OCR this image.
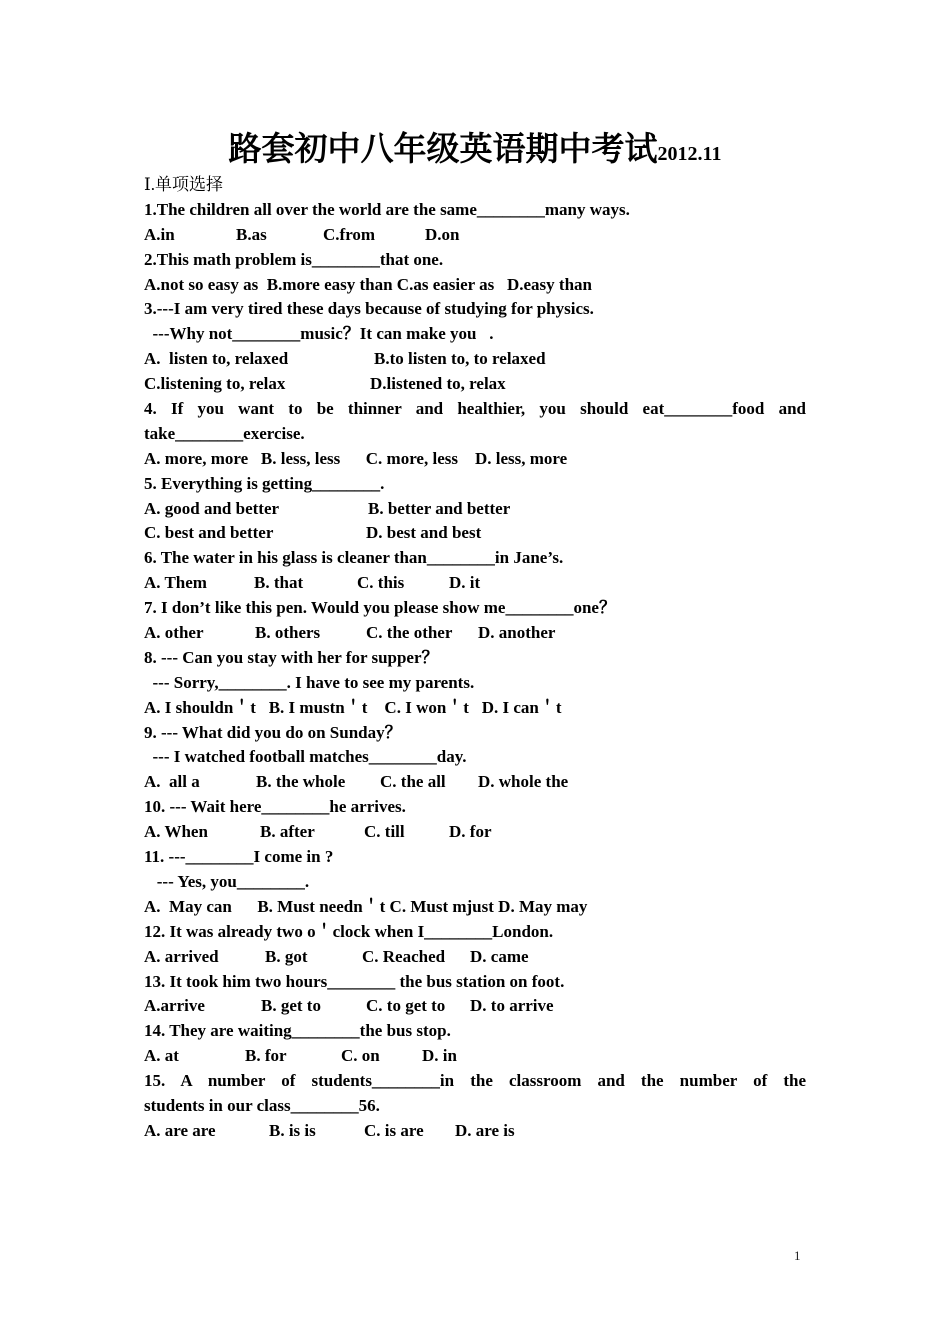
路套初中八年级英语期中考试2012.11
Ⅰ.单项选择
1.The children all over the world are the same________many ways.
A.in	B.as	C.from	D.on
2.This math problem is________that one.
A.not so easy as  B.more easy than C.as easier as   D.easy than
3.---I am very tired these days because of studying for physics.
---Why not________music？It can make you   .
A.  listen to, relaxed	B.to listen to, to relaxed
C.listening to, relax	D.listened to, relax
4. If you want to be thinner and healthier, you should eat________food and
take________exercise.
A. more, more   B. less, less      C. more, less    D. less, more
5. Everything is getting________.
A. good and better	B. better and better
C. best and better	D. best and best
6. The water in his glass is cleaner than________in Jane’s.
A. Them	B. that	C. this	D. it
7. I don’t like this pen. Would you please show me________one？
A. other	B. others	C. the other D. another
8. --- Can you stay with her for supper？
--- Sorry,________. I have to see my parents.
A. I shouldn＇t   B. I mustn＇t    C. I won＇t   D. I can＇t
9. --- What did you do on Sunday？
--- I watched football matches________day.
A.  all a	B. the whole C. the all D. whole the
10. --- Wait here________he arrives.
A. When	B. after	C. till	D. for
11. ---________I come in ?
--- Yes, you________.
A.  May can      B. Must needn＇t C. Must mjust D. May may
12. It was already two o＇clock when I________London.
A. arrived	B. got	C. Reached D. came
13. It took him two hours________ the bus station on foot.
A.arrive	B. get to	C. to get to D. to arrive
14. They are waiting________the bus stop.
A. at	B. for	C. on D. in
15. A number of students________in the classroom and the number of the
students in our class________56.
A. are are	B. is is	C. is are D. are is
1
